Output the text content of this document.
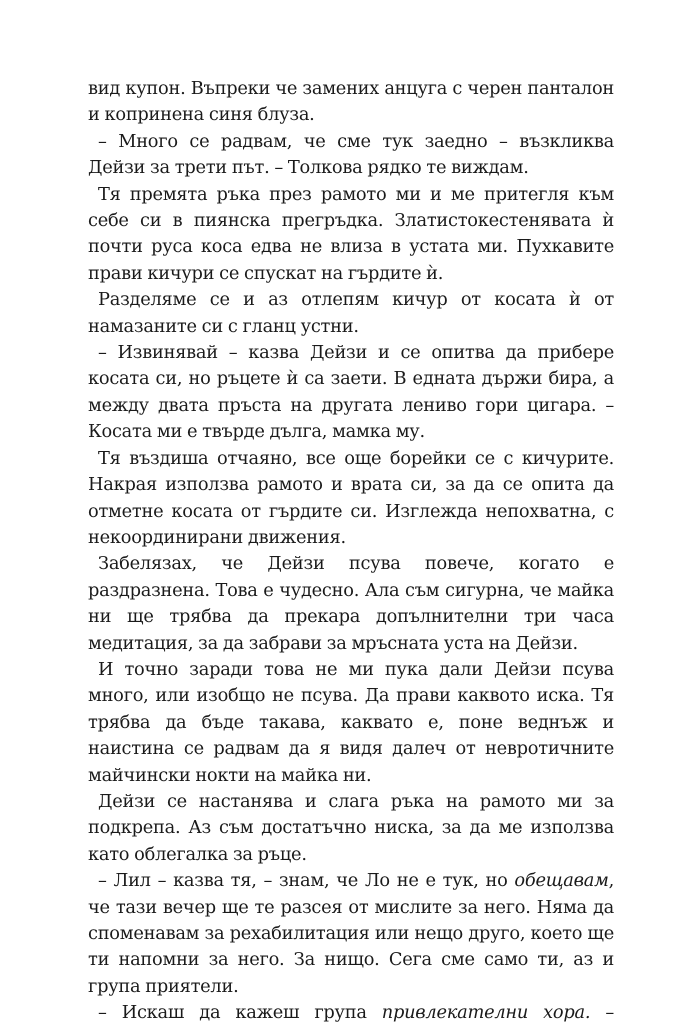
вид купон. Въпреки че замених анцуга с черен панталон и копринена синя блуза.

– Много се радвам, че сме тук заедно – възкликва Дейзи за трети път. – Толкова рядко те виждам.

Тя премята ръка през рамото ми и ме притегля към себе си в пиянска прегръдка. Златистокестенявата ѝ почти руса коса едва не влиза в устата ми. Пухкавите прави кичури се спускат на гърдите ѝ.

Разделяме се и аз отлепям кичур от косата ѝ от намазаните си с гланц устни.

– Извинявай – казва Дейзи и се опитва да прибере косата си, но ръцете ѝ са заети. В едната държи бира, а между двата пръста на другата лениво гори цигара. – Косата ми е твърде дълга, мамка му.

Тя въздиша отчаяно, все още борейки се с кичурите. Накрая използва рамото и врата си, за да се опита да отметне косата от гърдите си. Изглежда непохватна, с некоординирани движения.

Забелязах, че Дейзи псува повече, когато е раздразнена. Това е чудесно. Ала съм сигурна, че майка ни ще трябва да прекара допълнителни три часа медитация, за да забрави за мръсната уста на Дейзи.

И точно заради това не ми пука дали Дейзи псува много, или изобщо не псува. Да прави каквото иска. Тя трябва да бъде такава, каквато е, поне веднъж и наистина се радвам да я видя далеч от невротичните майчински нокти на майка ни.

Дейзи се настанява и слага ръка на рамото ми за подкрепа. Аз съм достатъчно ниска, за да ме използва като облегалка за ръце.

– Лил – казва тя, – знам, че Ло не е тук, но обещавам, че тази вечер ще те разсея от мислите за него. Няма да споменавам за рехабилитация или нещо друго, което ще ти напомни за него. За нищо. Сега сме само ти, аз и група приятели.

– Искаш да кажеш група привлекателни хора. –
